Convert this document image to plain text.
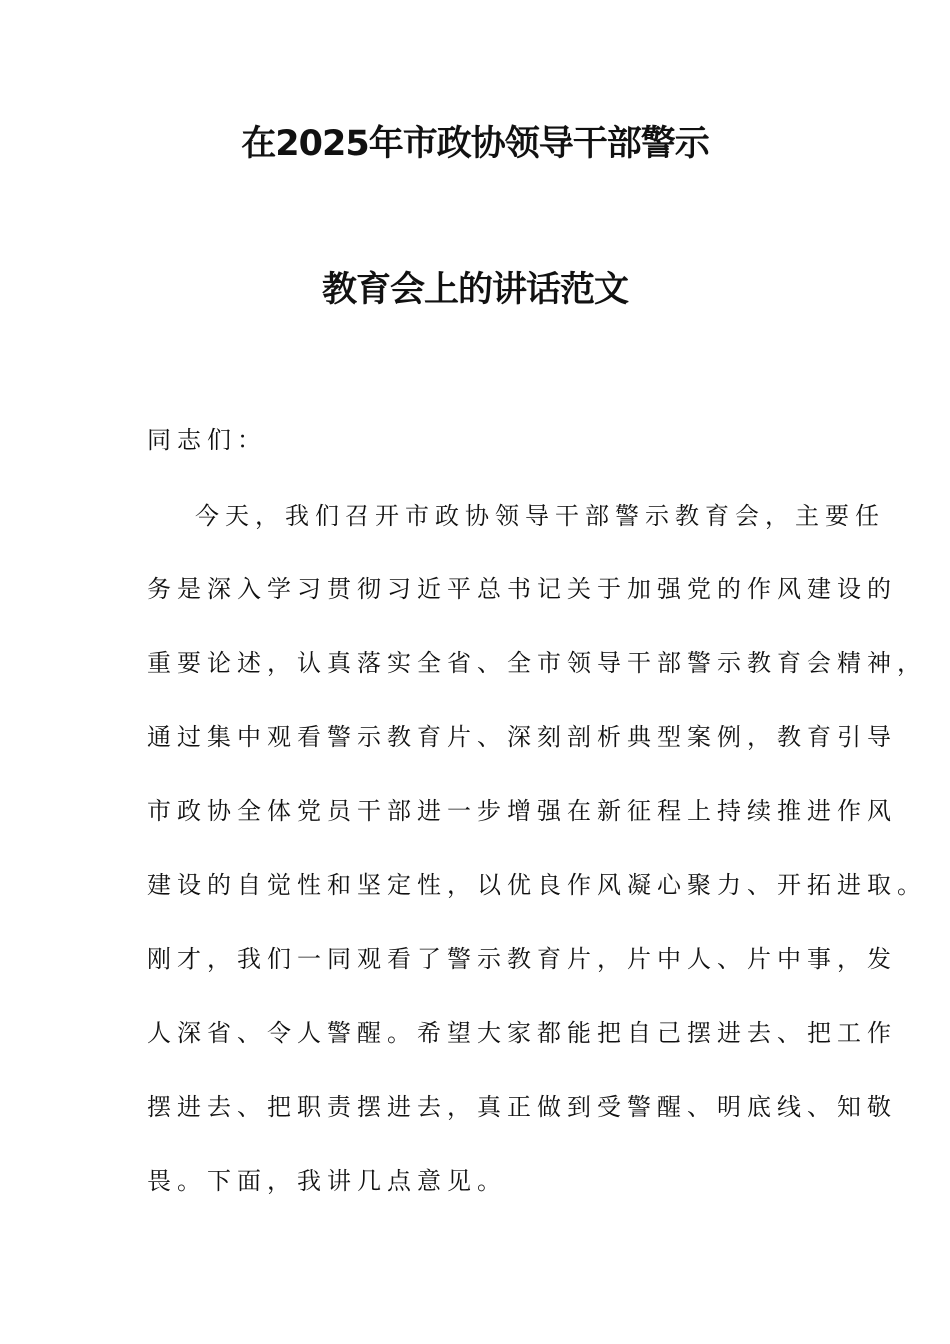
在2025年市政协领导干部警示
教育会上的讲话范文
同志们：
今天，我们召开市政协领导干部警示教育会，主要任
务是深入学习贯彻习近平总书记关于加强党的作风建设的
重要论述，认真落实全省、全市领导干部警示教育会精神，
通过集中观看警示教育片、深刻剖析典型案例，教育引导
市政协全体党员干部进一步增强在新征程上持续推进作风
建设的自觉性和坚定性，以优良作风凝心聚力、开拓进取。
刚才，我们一同观看了警示教育片，片中人、片中事，发
人深省、令人警醒。希望大家都能把自己摆进去、把工作
摆进去、把职责摆进去，真正做到受警醒、明底线、知敬
畏。下面，我讲几点意见。
